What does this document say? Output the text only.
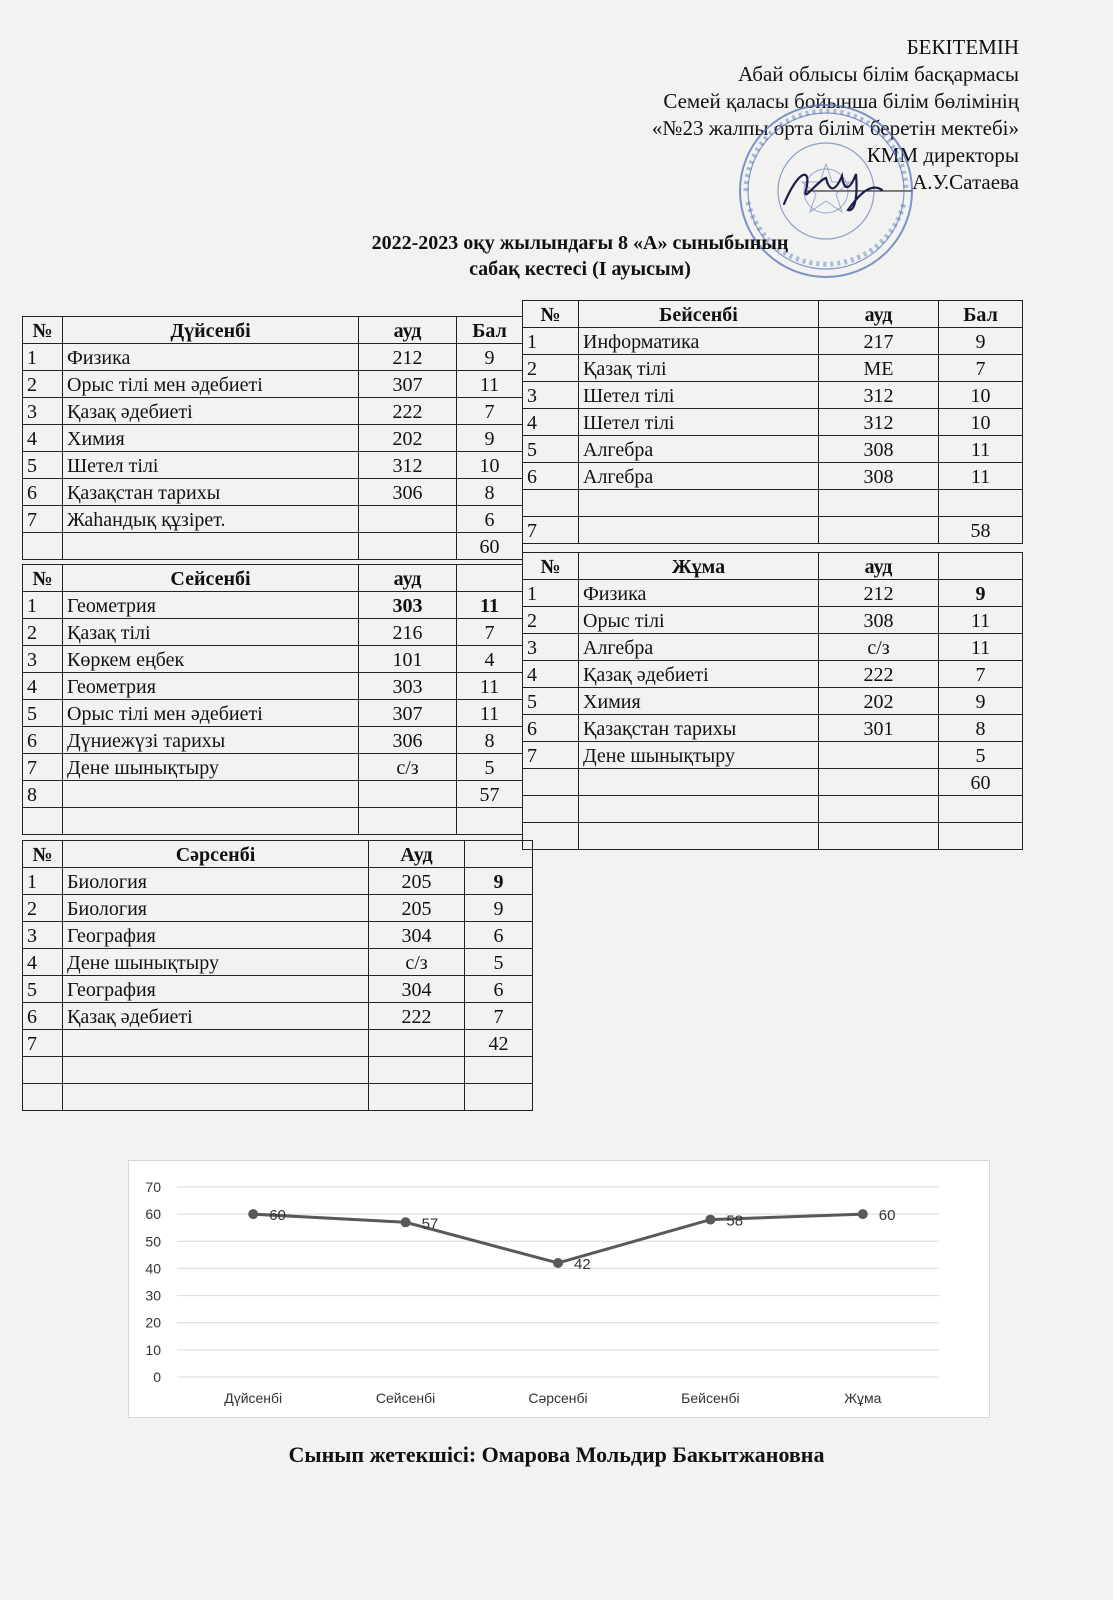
БЕКІТЕМІН
Абай облысы білім басқармасы
Семей қаласы бойынша білім бөлімінің
«№23 жалпы орта білім беретін мектебі»
КММ директоры
__________А.У.Сатаева
2022-2023 оқу жылындағы 8 «А» сыныбының
сабақ кестесі (І ауысым)
№	Дүйсенбі	ауд	Бал
1	Физика	212	9
2	Орыс тілі мен әдебиеті	307	11
3	Қазақ әдебиеті	222	7
4	Химия	202	9
5	Шетел тілі	312	10
6	Қазақстан тарихы	306	8
7	Жаһандық құзірет.		6
			60
№	Бейсенбі	ауд	Бал
1	Информатика	217	9
2	Қазақ тілі	МЕ	7
3	Шетел тілі	312	10
4	Шетел тілі	312	10
5	Алгебра	308	11
6	Алгебра	308	11

7			58
№	Сейсенбі	ауд	
1	Геометрия	303	11
2	Қазақ тілі	216	7
3	Көркем еңбек	101	4
4	Геометрия	303	11
5	Орыс тілі мен әдебиеті	307	11
6	Дүниежүзі тарихы	306	8
7	Дене шынықтыру	с/з	5
8			57

№	Жұма	ауд	
1	Физика	212	9
2	Орыс тілі	308	11
3	Алгебра	с/з	11
4	Қазақ әдебиеті	222	7
5	Химия	202	9
6	Қазақстан тарихы	301	8
7	Дене шынықтыру		5
			60

№	Сәрсенбі	Ауд	
1	Биология	205	9
2	Биология	205	9
3	География	304	6
4	Дене шынықтыру	с/з	5
5	География	304	6
6	Қазақ әдебиеті	222	7
7			42

0
10
20
30
40
50
60
70
Дүйсенбі	Сейсенбі	Сәрсенбі	Бейсенбі	Жұма
60	57
42
58	60
Сынып жетекшісі: Омарова Мольдир Бакытжановна
